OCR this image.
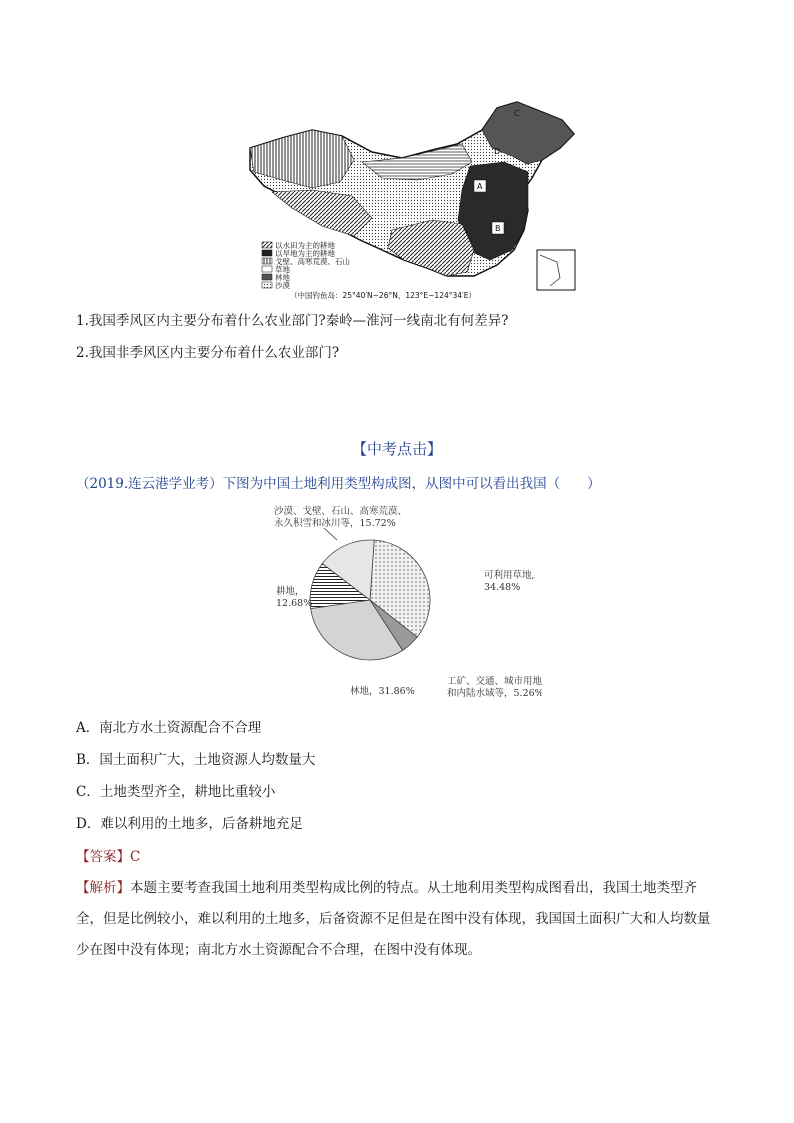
A
B
C
D
以水田为主的耕地
以旱地为主的耕地
戈壁、高寒荒漠、石山
草地
林地
沙漠
（中国钓鱼岛：25°40′N~26°N，123°E~124°34′E）
1.我国季风区内主要分布着什么农业部门?秦岭—淮河一线南北有何差异?
2.我国非季风区内主要分布着什么农业部门?
【中考点击】
（2019.连云港学业考）下图为中国土地利用类型构成图，从图中可以看出我国（　　）
可利用草地,
34.48%
工矿、交通、城市用地
和内陆水域等，5.26%
林地，31.86%
耕地，
12.68%
沙漠、戈壁、石山、高寒荒漠、
永久积雪和冰川等，15.72%
A．南北方水土资源配合不合理
B．国土面积广大，土地资源人均数量大
C．土地类型齐全，耕地比重较小
D．难以利用的土地多，后备耕地充足
【答案】C
【解析】本题主要考查我国土地利用类型构成比例的特点。从土地利用类型构成图看出，我国土地类型齐全，但是比例较小，难以利用的土地多，后备资源不足但是在图中没有体现，我国国土面积广大和人均数量少在图中没有体现；南北方水土资源配合不合理，在图中没有体现。
